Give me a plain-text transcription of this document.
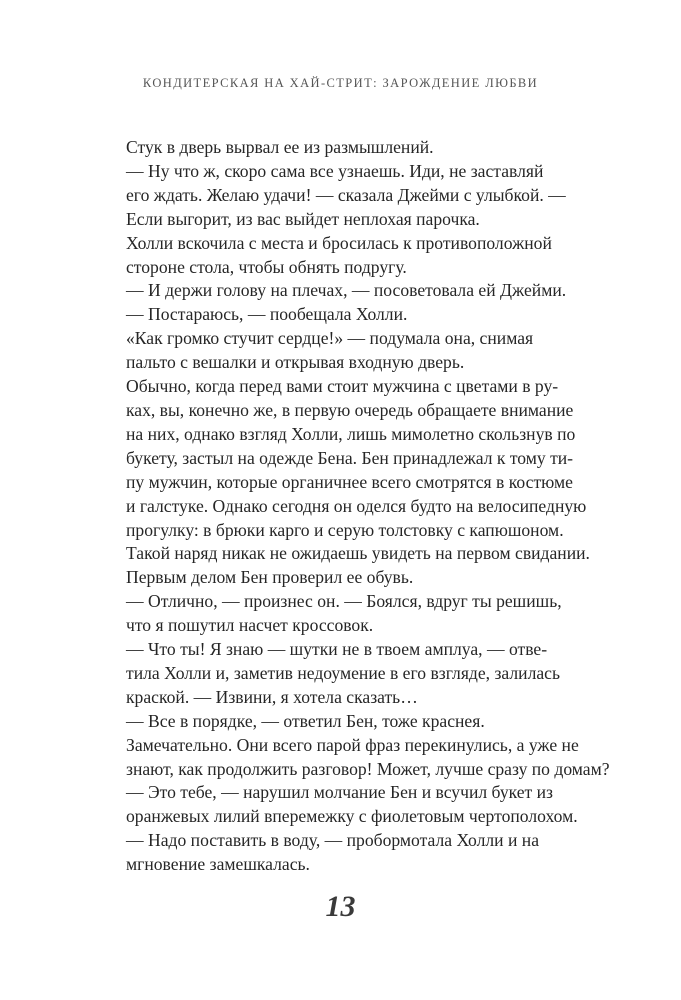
КОНДИТЕРСКАЯ НА ХАЙ-СТРИТ: ЗАРОЖДЕНИЕ ЛЮБВИ

Стук в дверь вырвал ее из размышлений.

— Ну что ж, скоро сама все узнаешь. Иди, не заставляй
его ждать. Желаю удачи! — сказала Джейми с улыбкой. —
Если выгорит, из вас выйдет неплохая парочка.

Холли вскочила с места и бросилась к противоположной
стороне стола, чтобы обнять подругу.

— И держи голову на плечах, — посоветовала ей Джейми.

— Постараюсь, — пообещала Холли.

«Как громко стучит сердце!» — подумала она, снимая
пальто с вешалки и открывая входную дверь.

Обычно, когда перед вами стоит мужчина с цветами в ру-
ках, вы, конечно же, в первую очередь обращаете внимание
на них, однако взгляд Холли, лишь мимолетно скользнув по
букету, застыл на одежде Бена. Бен принадлежал к тому ти-
пу мужчин, которые органичнее всего смотрятся в костюме
и галстуке. Однако сегодня он оделся будто на велосипедную
прогулку: в брюки карго и серую толстовку с капюшоном.
Такой наряд никак не ожидаешь увидеть на первом свидании.

Первым делом Бен проверил ее обувь.

— Отлично, — произнес он. — Боялся, вдруг ты решишь,
что я пошутил насчет кроссовок.

— Что ты! Я знаю — шутки не в твоем амплуа, — отве-
тила Холли и, заметив недоумение в его взгляде, залилась
краской. — Извини, я хотела сказать…

— Все в порядке, — ответил Бен, тоже краснея.

Замечательно. Они всего парой фраз перекинулись, а уже не
знают, как продолжить разговор! Может, лучше сразу по домам?

— Это тебе, — нарушил молчание Бен и всучил букет из
оранжевых лилий вперемежку с фиолетовым чертополохом.

— Надо поставить в воду, — пробормотала Холли и на
мгновение замешкалась.

13
